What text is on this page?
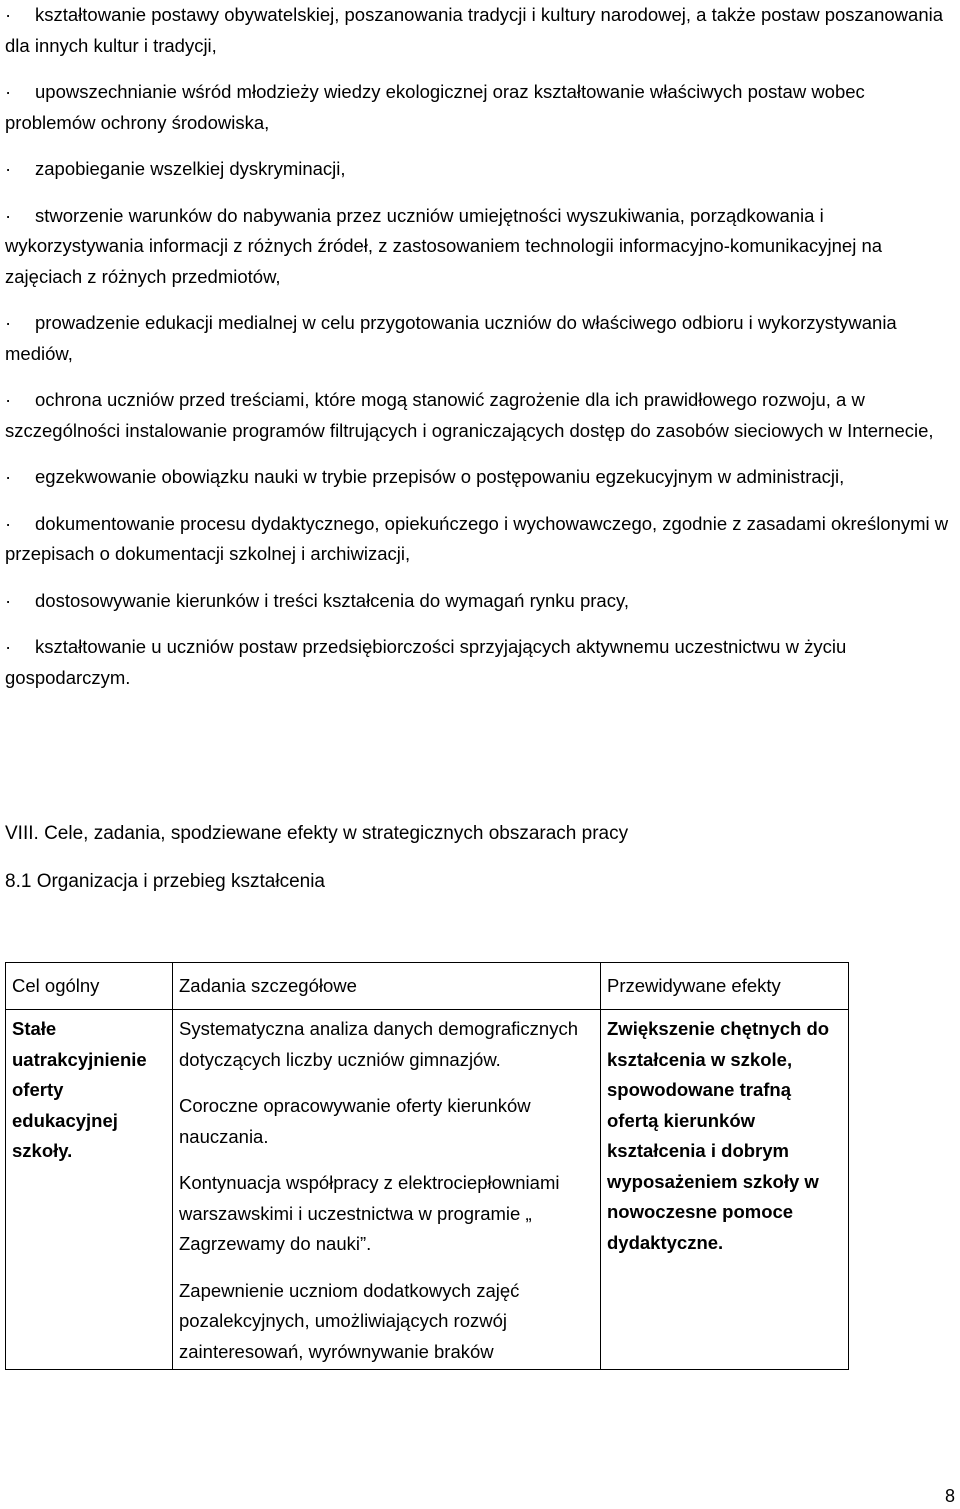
· kształtowanie postawy obywatelskiej, poszanowania tradycji i kultury narodowej, a także postaw poszanowania dla innych kultur i tradycji,
· upowszechnianie wśród młodzieży wiedzy ekologicznej oraz kształtowanie właściwych postaw wobec problemów ochrony środowiska,
· zapobieganie wszelkiej dyskryminacji,
· stworzenie warunków do nabywania przez uczniów umiejętności wyszukiwania, porządkowania i wykorzystywania informacji z różnych źródeł, z zastosowaniem technologii informacyjno-komunikacyjnej na zajęciach z różnych przedmiotów,
· prowadzenie edukacji medialnej w celu przygotowania uczniów do właściwego odbioru i wykorzystywania mediów,
· ochrona uczniów przed treściami, które mogą stanowić zagrożenie dla ich prawidłowego rozwoju, a w szczególności instalowanie programów filtrujących i ograniczających dostęp do zasobów sieciowych w Internecie,
· egzekwowanie obowiązku nauki w trybie przepisów o postępowaniu egzekucyjnym w administracji,
· dokumentowanie procesu dydaktycznego, opiekuńczego i wychowawczego, zgodnie z zasadami określonymi w przepisach o dokumentacji szkolnej i archiwizacji,
· dostosowywanie kierunków i treści kształcenia do wymagań rynku pracy,
· kształtowanie u uczniów postaw przedsiębiorczości sprzyjających aktywnemu uczestnictwu w życiu gospodarczym.
VIII. Cele, zadania, spodziewane efekty w strategicznych obszarach pracy
8.1 Organizacja i przebieg kształcenia
Cel ogólny	Zadania szczegółowe	Przewidywane efekty
Stałe uatrakcyjnienie oferty edukacyjnej szkoły.	Systematyczna analiza danych demograficznych dotyczących liczby uczniów gimnazjów.
Coroczne opracowywanie oferty kierunków nauczania.
Kontynuacja współpracy z elektrociepłowniami warszawskimi i uczestnictwa w programie „ Zagrzewamy do nauki”.
Zapewnienie uczniom dodatkowych zajęć pozalekcyjnych, umożliwiających rozwój zainteresowań, wyrównywanie braków	Zwiększenie chętnych do kształcenia w szkole, spowodowane trafną ofertą kierunków kształcenia i dobrym wyposażeniem szkoły w nowoczesne pomoce dydaktyczne.
8
